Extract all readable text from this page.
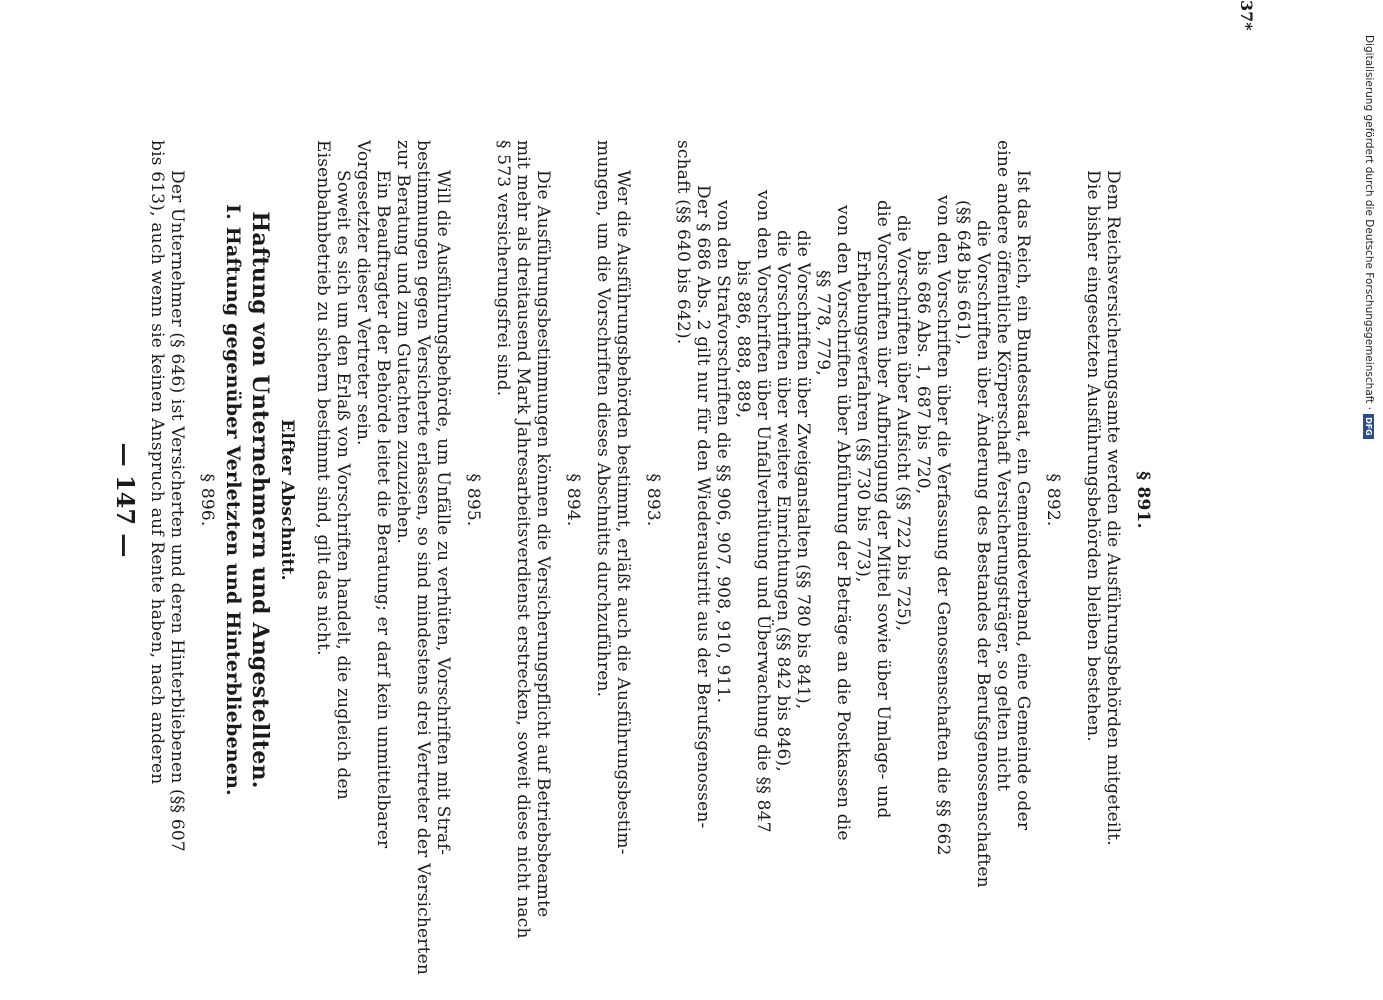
— 147 —	§ 891.
Dem Reichsversicherungsamte werden die Ausführungsbehörden mitgeteilt.
Die bisher eingesetzten Ausführungsbehörden bleiben bestehen.
§ 892.
Ist das Reich, ein Bundesstaat, ein Gemeindeverband, eine Gemeinde oder
eine andere öffentliche Körperschaft Versicherungsträger, so gelten nicht
die Vorschriften über Änderung des Bestandes der Berufsgenossenschaften
(§§ 648 bis 661),
von den Vorschriften über die Verfassung der Genossenschaften die §§ 662
bis 686 Abs. 1, 687 bis 720,
die Vorschriften über Aufsicht (§§ 722 bis 725),
die Vorschriften über Aufbringung der Mittel sowie über Umlage- und
Erhebungsverfahren (§§ 730 bis 773),
von den Vorschriften über Abführung der Beträge an die Postkassen die
§§ 778, 779,
die Vorschriften über Zweiganstalten (§§ 780 bis 841),
die Vorschriften über weitere Einrichtungen (§§ 842 bis 846),
von den Vorschriften über Unfallverhütung und Überwachung die §§ 847
bis 886, 888, 889,
von den Strafvorschriften die §§ 906, 907, 908, 910, 911.
Der § 686 Abs. 2 gilt nur für den Wiederaustritt aus der Berufsgenossen-
schaft (§§ 640 bis 642).
§ 893.
Wer die Ausführungsbehörden bestimmt, erläßt auch die Ausführungsbestim-
mungen, um die Vorschriften dieses Abschnitts durchzuführen.
§ 894.
Die Ausführungsbestimmungen können die Versicherungspflicht auf Betriebsbeamte
mit mehr als dreitausend Mark Jahresarbeitsverdienst erstrecken, soweit diese nicht nach
§ 573 versicherungsfrei sind.
§ 895.
Will die Ausführungsbehörde, um Unfälle zu verhüten, Vorschriften mit Straf-
bestimmungen gegen Versicherte erlassen, so sind mindestens drei Vertreter der Versicherten
zur Beratung und zum Gutachten zuzuziehen.
Ein Beauftragter der Behörde leitet die Beratung; er darf kein unmittelbarer
Vorgesetzter dieser Vertreter sein.
Soweit es sich um den Erlaß von Vorschriften handelt, die zugleich den
Eisenbahnbetrieb zu sichern bestimmt sind, gilt das nicht.
Elfter Abschnitt.
Haftung von Unternehmern und Angestellten.
I. Haftung gegenüber Verletzten und Hinterbliebenen.
§ 896.
Der Unternehmer (§ 646) ist Versicherten und deren Hinterbliebenen (§§ 607
bis 613), auch wenn sie keinen Anspruch auf Rente haben, nach anderen
37*
Digitalisierung gefördert durch die Deutsche Forschungsgemeinschaft ·DFG
